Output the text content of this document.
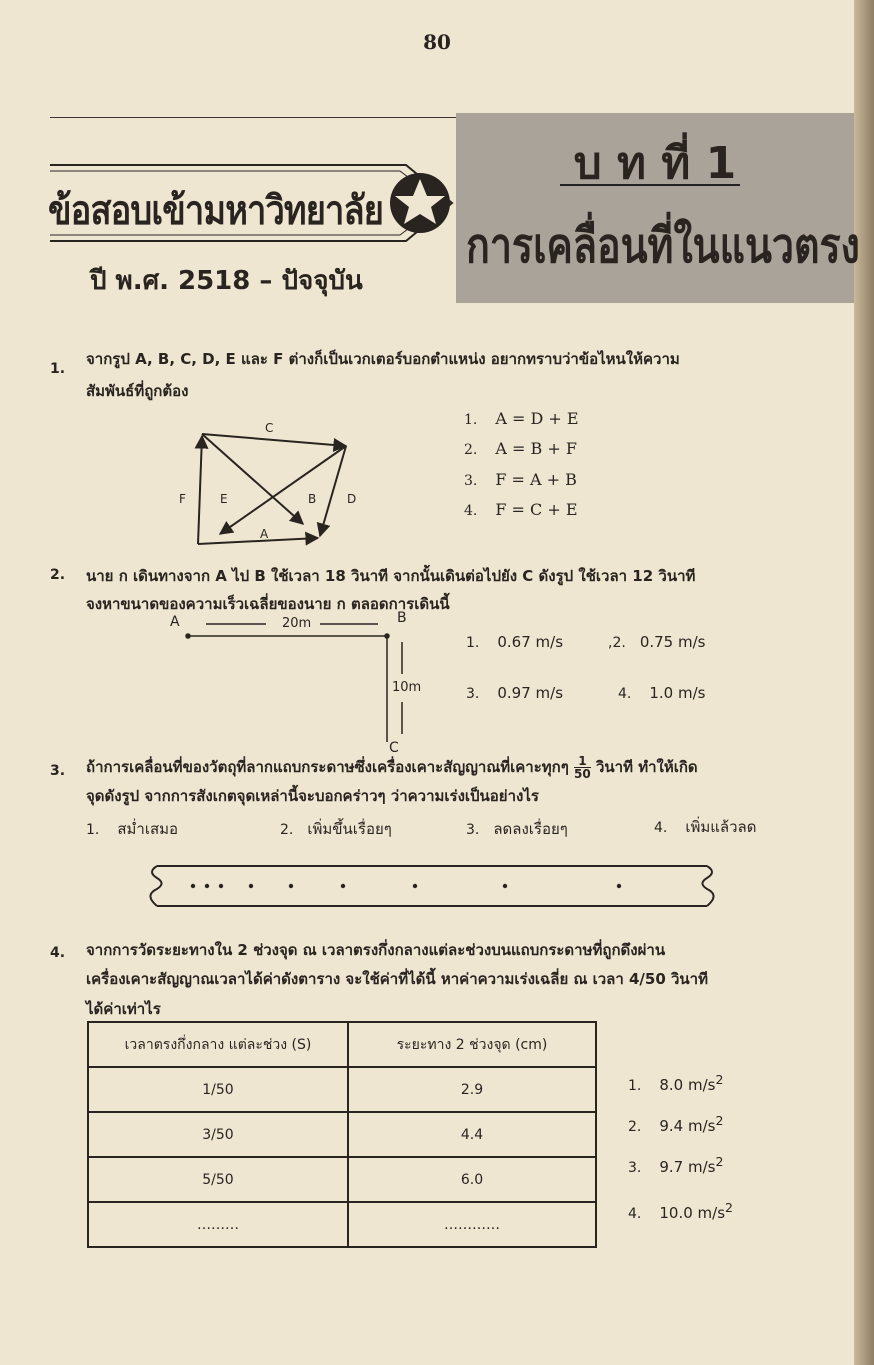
80
ข้อสอบเข้ามหาวิทยาลัย
ปี พ.ศ. 2518 – ปัจจุบัน
บ ท ที่ 1
การเคลื่อนที่ในแนวตรง
1.
จากรูป A, B, C, D, E และ F ต่างก็เป็นเวกเตอร์บอกตำแหน่ง อยากทราบว่าข้อไหนให้ความ
สัมพันธ์ที่ถูกต้อง
C
F	E	B	D
A
1. A = D + E
2. A = B + F
3. F = A + B
4. F = C + E
2. นาย ก เดินทางจาก A ไป B ใช้เวลา 18 วินาที จากนั้นเดินต่อไปยัง C ดังรูป ใช้เวลา 12 วินาที
จงหาขนาดของความเร็วเฉลี่ยของนาย ก ตลอดการเดินนี้
A	B
C
20m
10m
1. 0.67 m/s	,2. 0.75 m/s
3. 0.97 m/s	4. 1.0 m/s
3. ถ้าการเคลื่อนที่ของวัตถุที่ลากแถบกระดาษซึ่งเครื่องเคาะสัญญาณที่เคาะทุกๆ $\frac{1}{50}$ วินาที ทำให้เกิด
จุดดังรูป จากการสังเกตจุดเหล่านี้จะบอกคร่าวๆ ว่าความเร่งเป็นอย่างไร
1. สม่ำเสมอ	2. เพิ่มขึ้นเรื่อยๆ	3. ลดลงเรื่อยๆ	4. เพิ่มแล้วลด
4. จากการวัดระยะทางใน 2 ช่วงจุด ณ เวลาตรงกึ่งกลางแต่ละช่วงบนแถบกระดาษที่ถูกดึงผ่าน
เครื่องเคาะสัญญาณเวลาได้ค่าดังตาราง จะใช้ค่าที่ได้นี้ หาค่าความเร่งเฉลี่ย ณ เวลา 4/50 วินาที
ได้ค่าเท่าไร
เวลาตรงกึ่งกลาง แต่ละช่วง (S)	ระยะทาง 2 ช่วงจุด (cm)
1/50	2.9
3/50	4.4
5/50	6.0
………	…………
1. 8.0 $m/s^2$
2. 9.4 $m/s^2$
3. 9.7 $m/s^2$
4. 10.0 $m/s^2$
